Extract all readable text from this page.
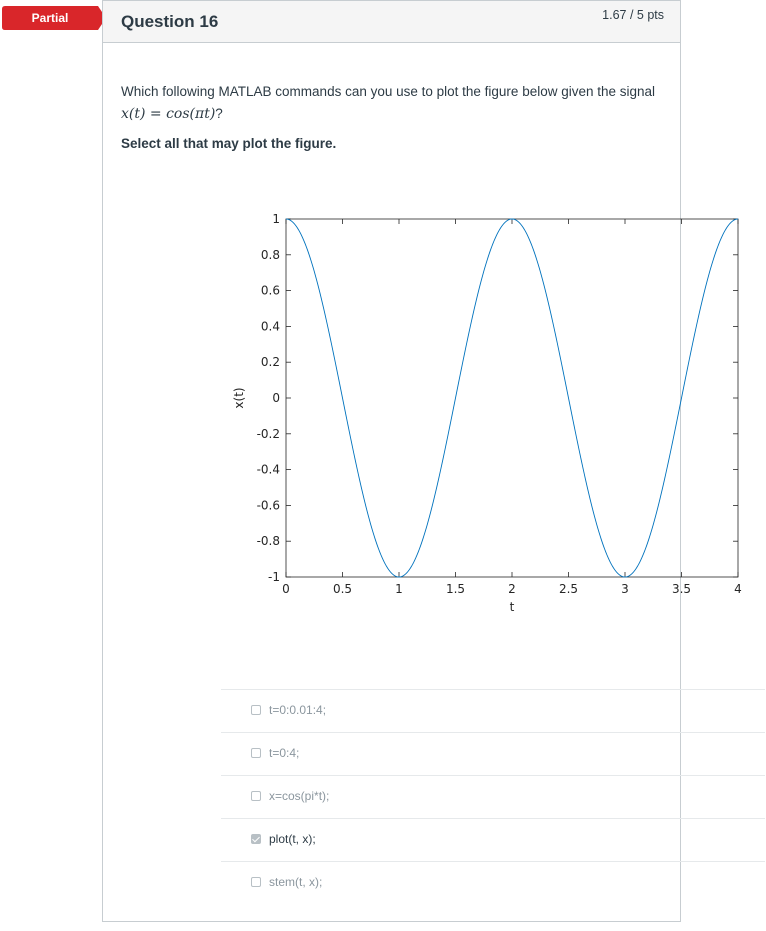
Partial	Question 16	1.67 / 5 pts
Which following MATLAB commands can you use to plot the figure below given the signal x(t) = cos(πt)?
Select all that may plot the figure.
0	0.5	1	1.5	2	2.5	3	3.5	4
1
0.8
0.6
0.4
0.2
0
-0.2
-0.4
-0.6
-0.8
-1
t
x(t)
t=0:0.01:4;
t=0:4;
x=cos(pi*t);
plot(t, x);
stem(t, x);
